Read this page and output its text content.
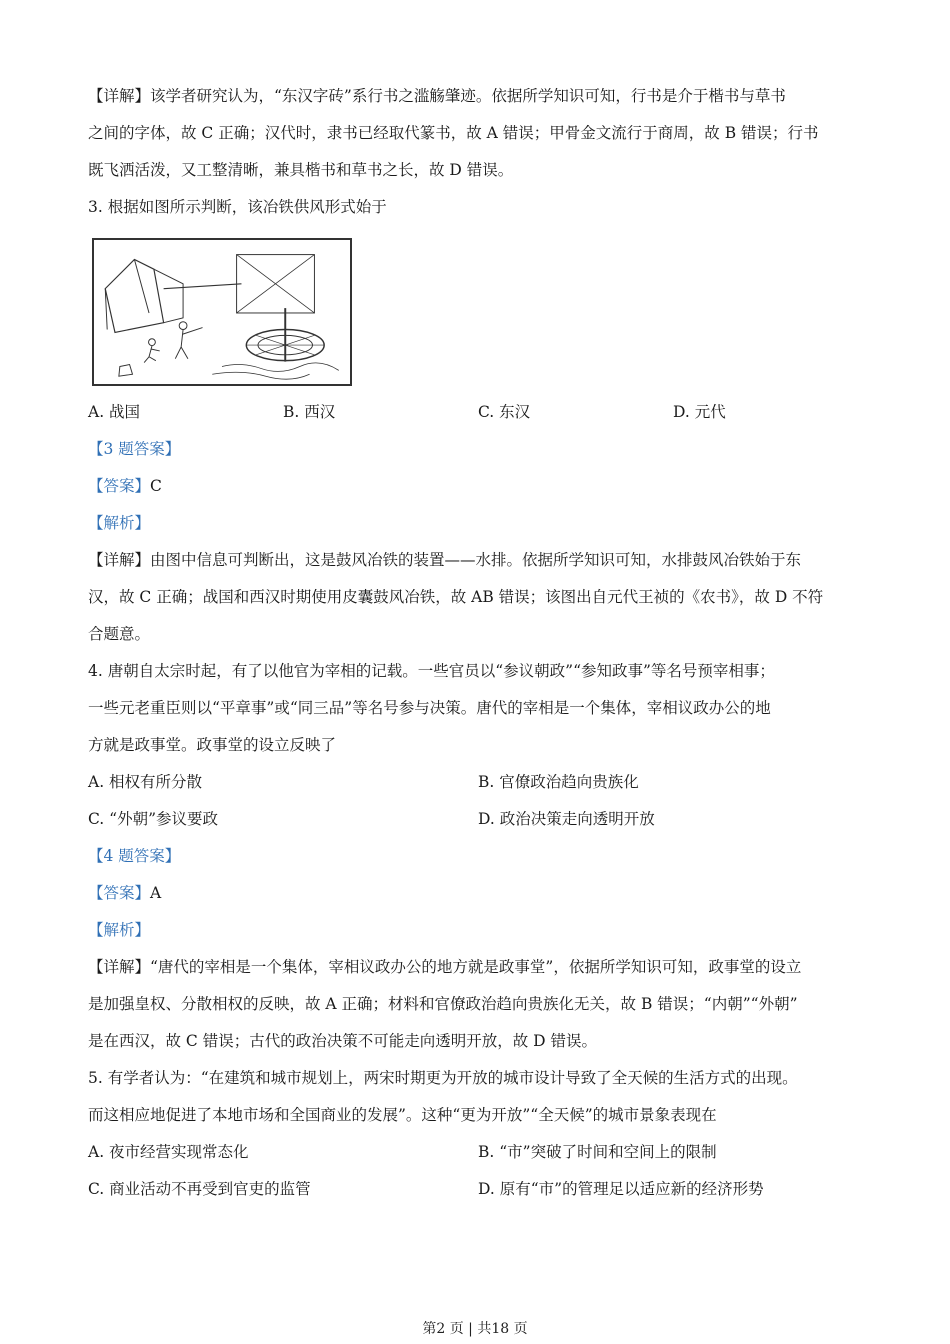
【详解】该学者研究认为，“东汉字砖”系行书之滥觞肇迹。依据所学知识可知，行书是介于楷书与草书
之间的字体，故 C 正确；汉代时，隶书已经取代篆书，故 A 错误；甲骨金文流行于商周，故 B 错误；行书
既飞洒活泼，又工整清晰，兼具楷书和草书之长，故 D 错误。
3. 根据如图所示判断，该冶铁供风形式始于
A. 战国	B. 西汉	C. 东汉	D. 元代
【3 题答案】
【答案】C
【解析】
【详解】由图中信息可判断出，这是鼓风冶铁的装置——水排。依据所学知识可知，水排鼓风冶铁始于东
汉，故 C 正确；战国和西汉时期使用皮囊鼓风冶铁，故 AB 错误；该图出自元代王祯的《农书》，故 D 不符
合题意。
4. 唐朝自太宗时起，有了以他官为宰相的记载。一些官员以“参议朝政”“参知政事”等名号预宰相事；
一些元老重臣则以“平章事”或“同三品”等名号参与决策。唐代的宰相是一个集体，宰相议政办公的地
方就是政事堂。政事堂的设立反映了
A. 相权有所分散	B. 官僚政治趋向贵族化
C. “外朝”参议要政	D. 政治决策走向透明开放
【4 题答案】
【答案】A
【解析】
【详解】“唐代的宰相是一个集体，宰相议政办公的地方就是政事堂”，依据所学知识可知，政事堂的设立
是加强皇权、分散相权的反映，故 A 正确；材料和官僚政治趋向贵族化无关，故 B 错误；“内朝”“外朝”
是在西汉，故 C 错误；古代的政治决策不可能走向透明开放，故 D 错误。
5. 有学者认为：“在建筑和城市规划上，两宋时期更为开放的城市设计导致了全天候的生活方式的出现。
而这相应地促进了本地市场和全国商业的发展”。这种“更为开放”“全天候”的城市景象表现在
A. 夜市经营实现常态化	B. “市”突破了时间和空间上的限制
C. 商业活动不再受到官吏的监管	D. 原有“市”的管理足以适应新的经济形势
第2 页 | 共18 页
